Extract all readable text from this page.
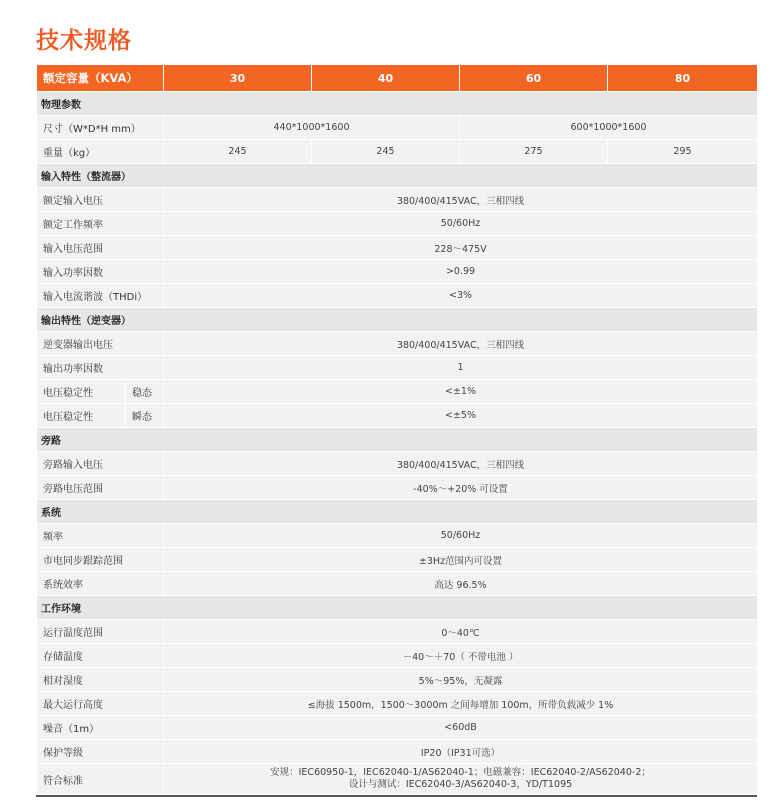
技术规格
额定容量（KVA）		30	40	60	80
物理参数					
尺寸（W*D*H mm）		440*1000*1600		600*1000*1600	
重量（kg）		245	245	275	295
输入特性（整流器）					
额定输入电压		380/400/415VAC，三相四线			
额定工作频率		50/60Hz			
输入电压范围		228～475V			
输入功率因数		>0.99			
输入电流谐波（THDi）		<3%			
输出特性（逆变器）					
逆变器输出电压		380/400/415VAC，三相四线			
输出功率因数		1			
电压稳定性	稳态	<±1%			
电压稳定性	瞬态	<±5%			
旁路					
旁路输入电压		380/400/415VAC，三相四线			
旁路电压范围		-40%～+20% 可设置			
系统					
频率		50/60Hz			
市电同步跟踪范围		±3Hz范围内可设置			
系统效率		高达 96.5%			
工作环境					
运行温度范围		0～40℃			
存储温度		－40～＋70（ 不带电池 ）			
相对湿度		5%～95%，无凝露			
最大运行高度		≤海拔 1500m，1500～3000m 之间每增加 100m，所带负载减少 1%			
噪音（1m）		<60dB			
保护等级		IP20（IP31可选）			
符合标准		安规：IEC60950-1，IEC62040-1/AS62040-1；电磁兼容：IEC62040-2/AS62040-2；
设计与测试：IEC62040-3/AS62040-3，YD/T1095			
